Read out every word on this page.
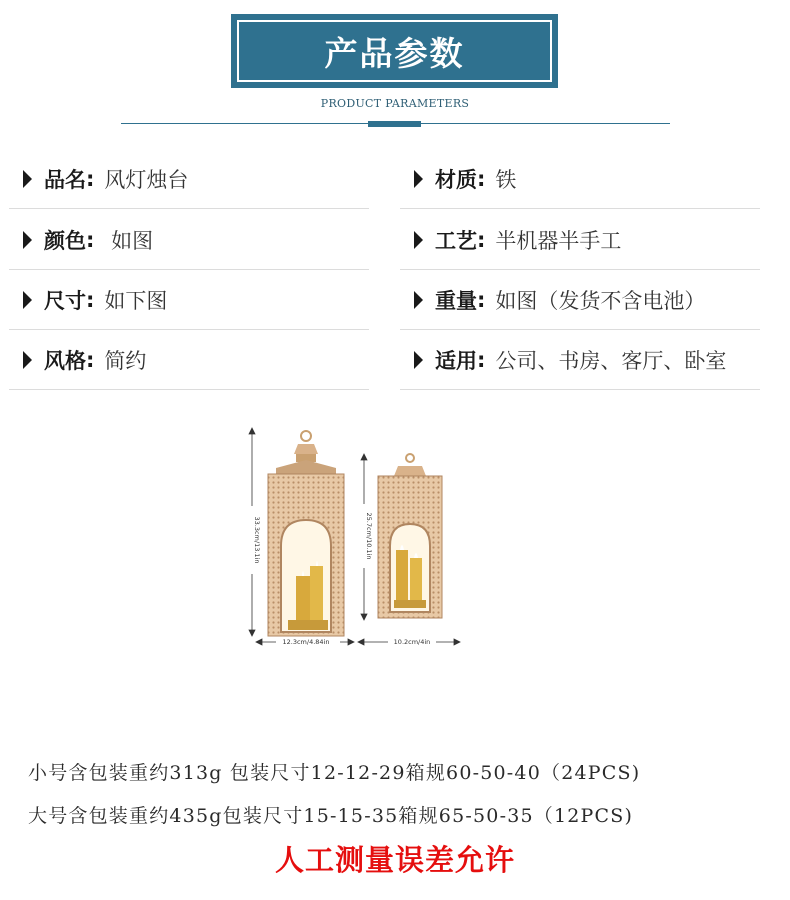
产品参数
PRODUCT PARAMETERS
品名 : 风灯烛台	材质 : 铁
颜色 : 如图	工艺 : 半机器半手工
尺寸 : 如下图	重量 : 如图（发货不含电池）
风格 : 简约	适用 : 公司、书房、客厅、卧室
33.3cm/13.1in	25.7cm/10.1in
12.3cm/4.84in	10.2cm/4in
小号含包装重约313g 包装尺寸12-12-29箱规60-50-40（24PCS)
大号含包装重约435g包装尺寸15-15-35箱规65-50-35（12PCS)
人工测量误差允许
